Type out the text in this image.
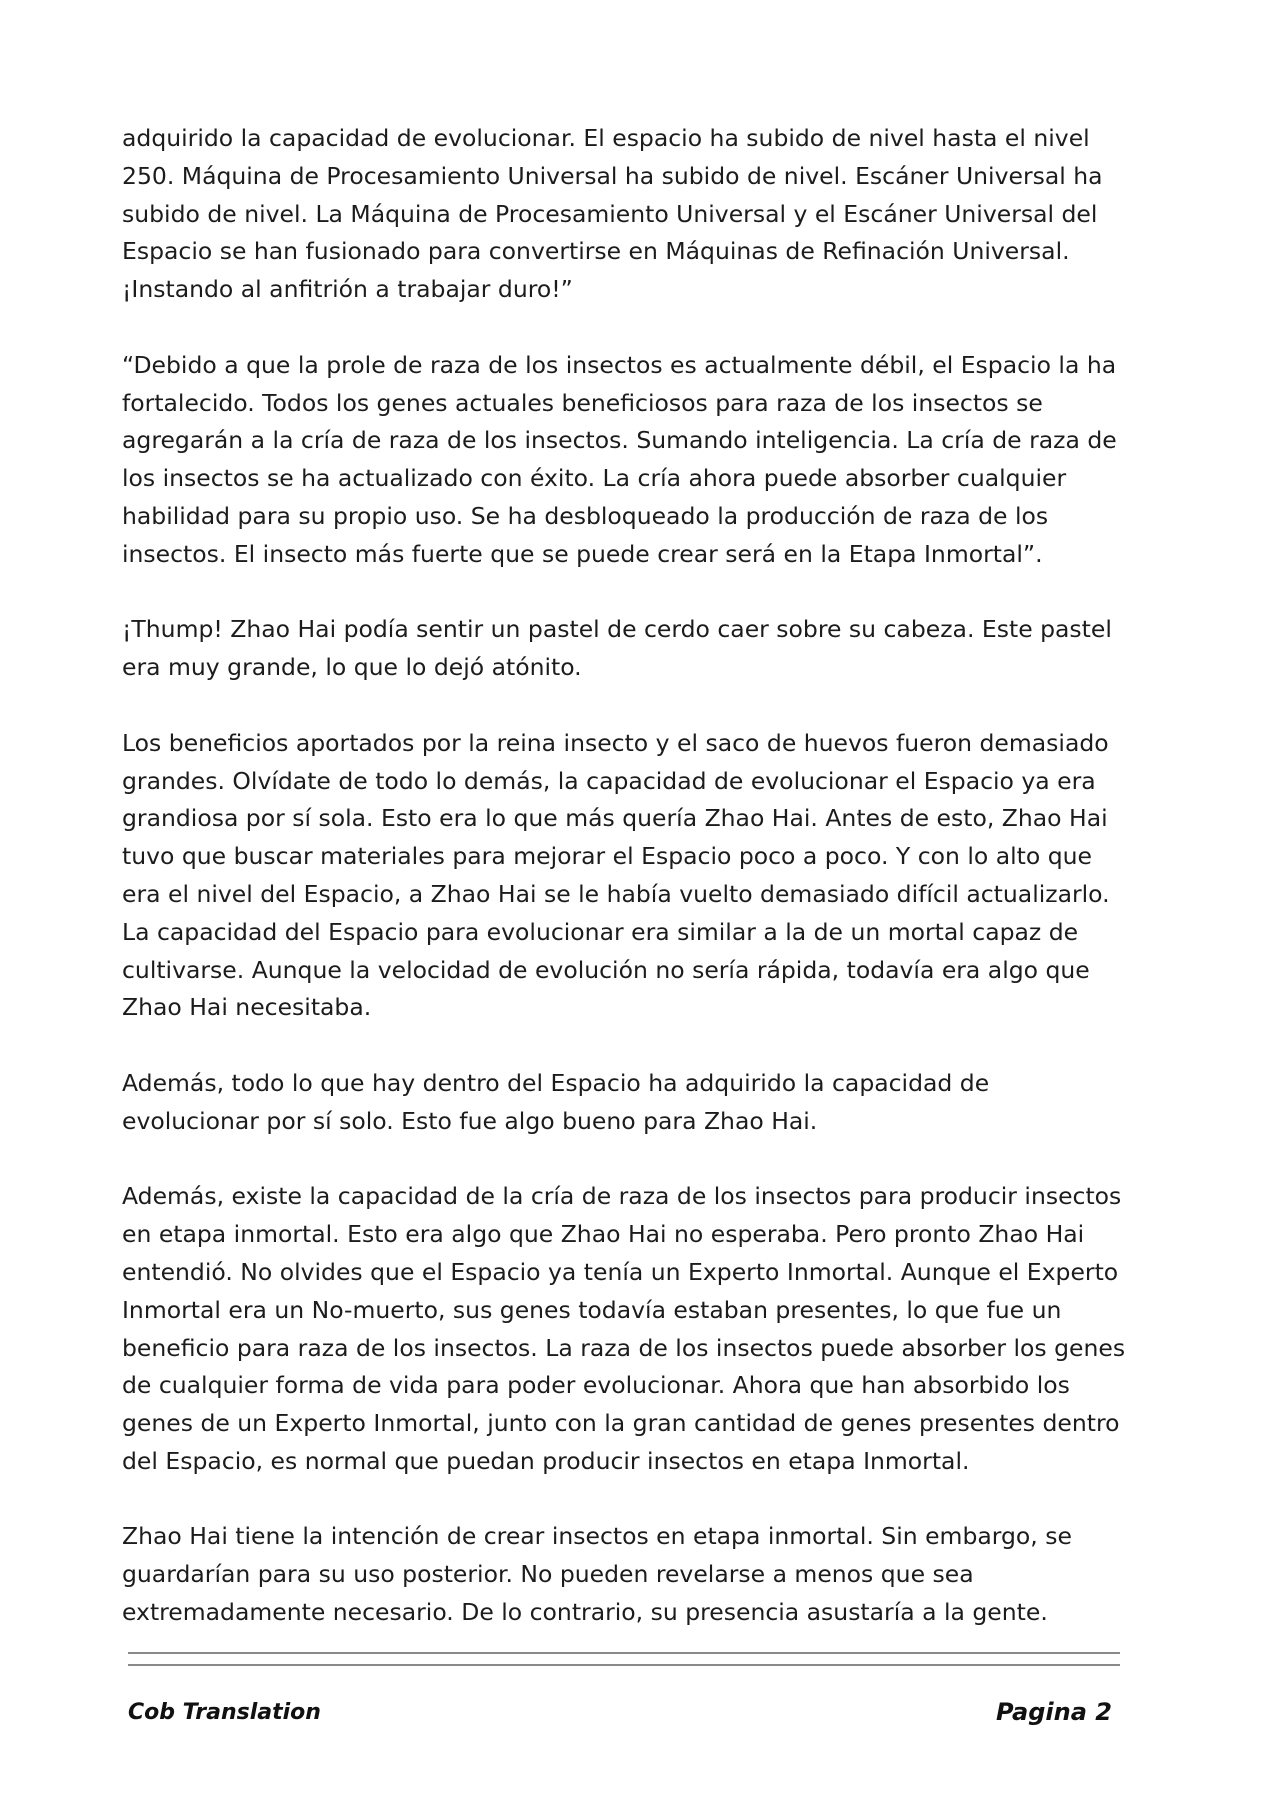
adquirido la capacidad de evolucionar. El espacio ha subido de nivel hasta el nivel 250. Máquina de Procesamiento Universal ha subido de nivel. Escáner Universal ha subido de nivel. La Máquina de Procesamiento Universal y el Escáner Universal del Espacio se han fusionado para convertirse en Máquinas de Refinación Universal. ¡Instando al anfitrión a trabajar duro!”

“Debido a que la prole de raza de los insectos es actualmente débil, el Espacio la ha fortalecido. Todos los genes actuales beneficiosos para raza de los insectos se agregarán a la cría de raza de los insectos. Sumando inteligencia. La cría de raza de los insectos se ha actualizado con éxito. La cría ahora puede absorber cualquier habilidad para su propio uso. Se ha desbloqueado la producción de raza de los insectos. El insecto más fuerte que se puede crear será en la Etapa Inmortal”.

¡Thump! Zhao Hai podía sentir un pastel de cerdo caer sobre su cabeza. Este pastel era muy grande, lo que lo dejó atónito.

Los beneficios aportados por la reina insecto y el saco de huevos fueron demasiado grandes. Olvídate de todo lo demás, la capacidad de evolucionar el Espacio ya era grandiosa por sí sola. Esto era lo que más quería Zhao Hai. Antes de esto, Zhao Hai tuvo que buscar materiales para mejorar el Espacio poco a poco. Y con lo alto que era el nivel del Espacio, a Zhao Hai se le había vuelto demasiado difícil actualizarlo. La capacidad del Espacio para evolucionar era similar a la de un mortal capaz de cultivarse. Aunque la velocidad de evolución no sería rápida, todavía era algo que Zhao Hai necesitaba.

Además, todo lo que hay dentro del Espacio ha adquirido la capacidad de evolucionar por sí solo. Esto fue algo bueno para Zhao Hai.

Además, existe la capacidad de la cría de raza de los insectos para producir insectos en etapa inmortal. Esto era algo que Zhao Hai no esperaba. Pero pronto Zhao Hai entendió. No olvides que el Espacio ya tenía un Experto Inmortal. Aunque el Experto Inmortal era un No-muerto, sus genes todavía estaban presentes, lo que fue un beneficio para raza de los insectos. La raza de los insectos puede absorber los genes de cualquier forma de vida para poder evolucionar. Ahora que han absorbido los genes de un Experto Inmortal, junto con la gran cantidad de genes presentes dentro del Espacio, es normal que puedan producir insectos en etapa Inmortal.

Zhao Hai tiene la intención de crear insectos en etapa inmortal. Sin embargo, se guardarían para su uso posterior. No pueden revelarse a menos que sea extremadamente necesario. De lo contrario, su presencia asustaría a la gente.

Cob Translation	Pagina 2
